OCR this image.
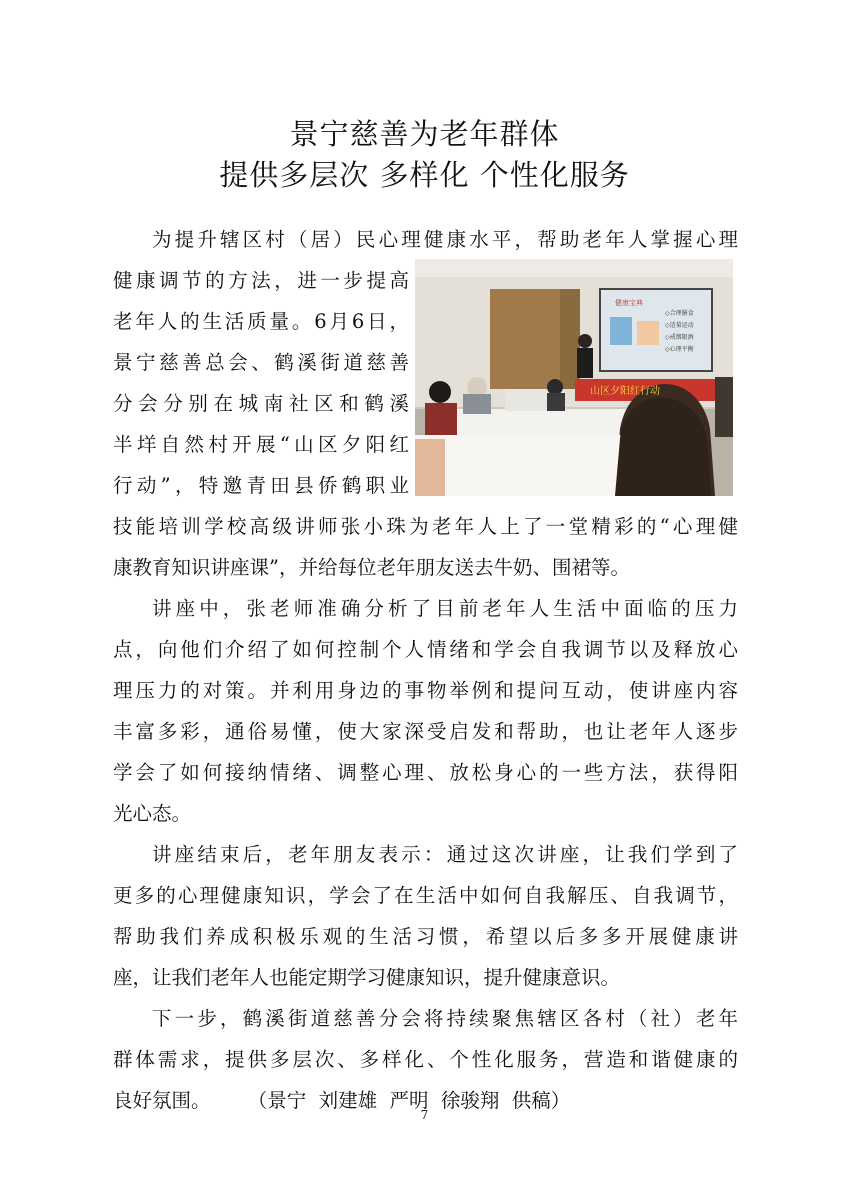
景宁慈善为老年群体
提供多层次 多样化 个性化服务
为提升辖区村（居）民心理健康水平，帮助老年人掌握心理
健康调节的方法，进一步提高
老年人的生活质量。6月6日，
景宁慈善总会、鹤溪街道慈善
分会分别在城南社区和鹤溪
半垟自然村开展“山区夕阳红
行动”，特邀青田县侨鹤职业
技能培训学校高级讲师张小珠为老年人上了一堂精彩的“心理健
康教育知识讲座课”，并给每位老年朋友送去牛奶、围裙等。
讲座中，张老师准确分析了目前老年人生活中面临的压力
点，向他们介绍了如何控制个人情绪和学会自我调节以及释放心
理压力的对策。并利用身边的事物举例和提问互动，使讲座内容
丰富多彩，通俗易懂，使大家深受启发和帮助，也让老年人逐步
学会了如何接纳情绪、调整心理、放松身心的一些方法，获得阳
光心态。
讲座结束后，老年朋友表示：通过这次讲座，让我们学到了
更多的心理健康知识，学会了在生活中如何自我解压、自我调节，
帮助我们养成积极乐观的生活习惯，希望以后多多开展健康讲
座，让我们老年人也能定期学习健康知识，提升健康意识。
下一步，鹤溪街道慈善分会将持续聚焦辖区各村（社）老年
群体需求，提供多层次、多样化、个性化服务，营造和谐健康的
良好氛围。      （景宁  刘建雄  严明  徐骏翔  供稿）
健康宝典
◇合理膳食
◇适量运动
◇戒烟限酒
◇心理平衡
山区夕阳红行动
7
